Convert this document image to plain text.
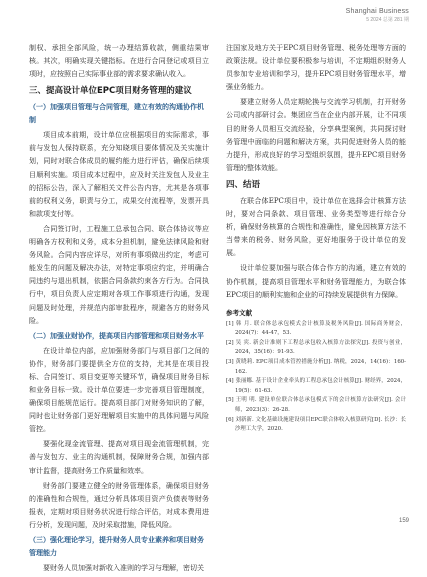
Shanghai Business
5 2024 总第 281 期

制权、承担全部风险，统一办理结算收款，侧重结果审核。其次，明确实现关键指标。在进行合同登记或项目立项时，应按照自己实际事业部的需求要求确认收入。

三、提高设计单位EPC项目财务管理的建议
（一）加强项目管理与合同管理，建立有效的沟通协作机制

项目成本前期，设计单位应根据项目的实际需求，事前与发包人保持联系，充分知晓项目要体情况及关实施计划，同时对联合体成员的履约能力进行评估，确保后续项目顺利实施。项目成本过程中，应及时关注发包人及业主的招标公告，深入了解相关文件公告内容，尤其是各项事前的权利义务，职责与分工，成果交付流程等，发票开具和款项支付等。

合同签订时，工程施工总承包合同、联合体协议等应明确各方权利和义务，成本分担机制，避免法律风险和财务风险。合同内容应详尽，对所有事项做出约定，考虑可能发生的问题及解决办法，对特定事项应约定，并明确合同违约与退出机制，依据合同条款约束各方行为。合同执行中，项目负责人应定期对各项工作事项进行沟通，发现问题及时处理，并规范内部审批程序，规避各方的财务风险。

（二）加强业财协作，提高项目内部管理和项目财务水平

在设计单位内部，应加强财务部门与项目部门之间的协作，财务部门要提供全方位的支持，尤其是在项目投标、合同签订、项目变更等关键环节，确保项目财务目标和业务目标一致。设计单位要进一步完善项目管理制度，确保项目能规范运行。提高项目部门对财务知识的了解，同时也让财务部门更好理解项目实施中的具体问题与风险管控。

要强化现金流管理、提高对项目现金流管理机制，完善与发包方、业主的沟通机制，保障财务合规，加强内部审计监督，提高财务工作质量和效率。

财务部门要建立健全的财务管理体系，确保项目财务的准确性和合规性，通过分析具体项目资产负债表等财务报表，定期对项目财务状况进行综合评估，对成本费用进行分析，发现问题，及时采取措施，降低风险。

（三）强化理论学习，提升财务人员专业素养和项目财务管理能力

要财务人员加强对新收入准则的学习与理解，密切关

注国家及地方关于EPC项目财务管理、税务处理等方面的政策法规。设计单位要积极参与培训，不定期组织财务人员参加专业培训和学习，提升EPC项目财务管理水平，增强业务能力。

要建立财务人员定期轮换与交流学习机制，打开财务公司或内部研讨会。集团应当在企业内部开展，让不同项目的财务人员相互交流经验，分享典型案例，共同探讨财务管理中面临的问题和解决方案，共同促进财务人员的能力提升，形成良好的学习型组织氛围，提升EPC项目财务管理的整体效能。

四、结语

在联合体EPC项目中，设计单位在选择会计核算方法时，要对合同条款、项目管理、业务类型等进行综合分析，确保财务核算的合规性和准确性，避免因核算方法不当带来的税务、财务风险，更好地服务于设计单位的发展。

设计单位要加强与联合体合作方的沟通，建立有效的协作机制，提高项目管理水平和财务管理能力，为联合体EPC项目的顺利实施和企业的可持续发展提供有力保障。

参考文献

[1] 韩 月. 联合体总承包模式会计核算及税务风险[J]. 国际商务财会，2024(7)：44-47，53.

[2] 吴 宾. 新会计准则下工程总承包收入核算方法探究[J]. 投资与创业，2024，35(16)：91-93.

[3] 黄晓莉. EPC项目成本管控措施分析[J]. 纳税，2024，14(16)：160-162.

[4] 张丽娜. 基于设计企业牵头的工程总承包会计核算[J]. 财经界，2024，19(5)：61-63.

[5] 王明 明. 建设单位联合体总承包模式下的会计核算方法研究[J]. 会计师，2023(3)：26-28.

[6] 刘新新. 文化基础设施建设项目EPC联合体收入核算研究[D]. 长沙：长沙理工大学，2020.

159
